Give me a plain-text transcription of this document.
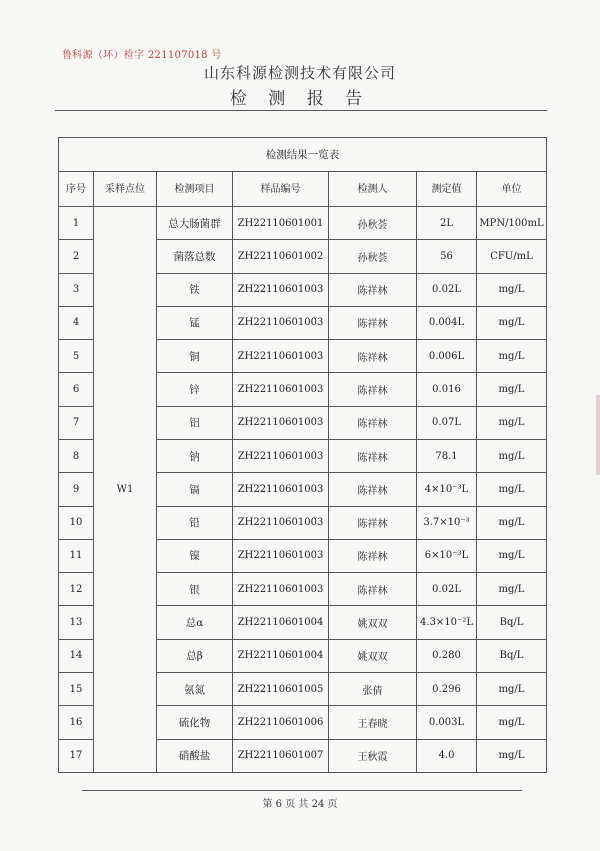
鲁科源（环）检字 221107018 号
山东科源检测技术有限公司
检 测 报 告
检测结果一览表						
序号	采样点位	检测项目	样品编号	检测人	测定值	单位
1	W1	总大肠菌群	ZH22110601001	孙秋荟	2L	MPN/100mL
2		菌落总数	ZH22110601002	孙秋荟	56	CFU/mL
3		铁	ZH22110601003	陈祥林	0.02L	mg/L
4		锰	ZH22110601003	陈祥林	0.004L	mg/L
5		铜	ZH22110601003	陈祥林	0.006L	mg/L
6		锌	ZH22110601003	陈祥林	0.016	mg/L
7		铝	ZH22110601003	陈祥林	0.07L	mg/L
8		钠	ZH22110601003	陈祥林	78.1	mg/L
9		镉	ZH22110601003	陈祥林	4×10⁻³L	mg/L
10		铅	ZH22110601003	陈祥林	3.7×10⁻³	mg/L
11		镍	ZH22110601003	陈祥林	6×10⁻³L	mg/L
12		银	ZH22110601003	陈祥林	0.02L	mg/L
13		总α	ZH22110601004	姚双双	4.3×10⁻²L	Bq/L
14		总β	ZH22110601004	姚双双	0.280	Bq/L
15		氨氮	ZH22110601005	张倩	0.296	mg/L
16		硫化物	ZH22110601006	王春晓	0.003L	mg/L
17		硝酸盐	ZH22110601007	王秋霞	4.0	mg/L
第 6 页 共 24 页
